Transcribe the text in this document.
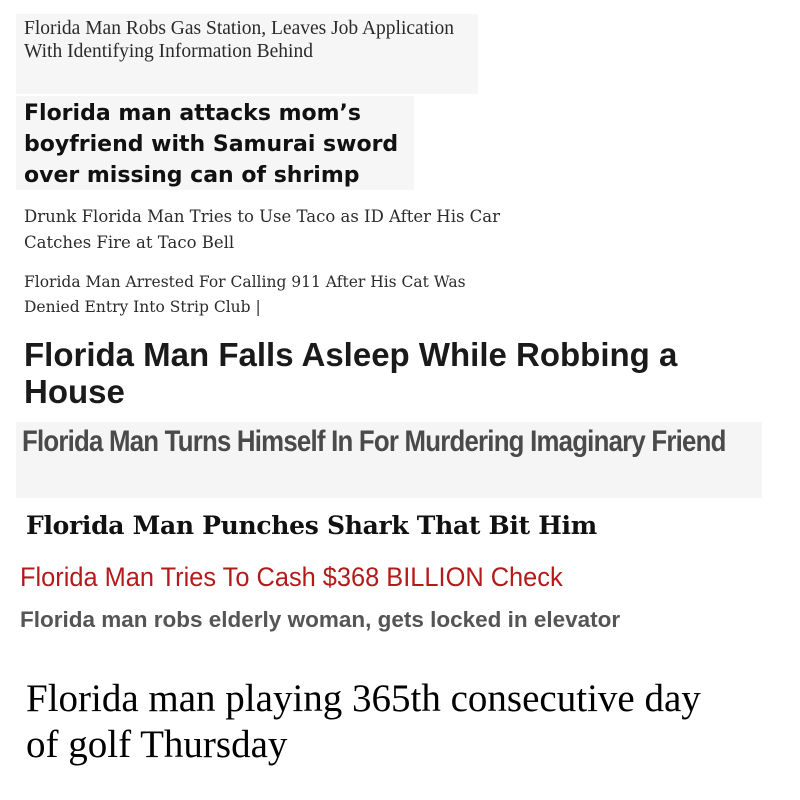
Florida Man Robs Gas Station, Leaves Job Application With Identifying Information Behind
Florida man attacks mom’s boyfriend with Samurai sword over missing can of shrimp
Drunk Florida Man Tries to Use Taco as ID After His Car Catches Fire at Taco Bell
Florida Man Arrested For Calling 911 After His Cat Was Denied Entry Into Strip Club |
Florida Man Falls Asleep While Robbing a House
Florida Man Turns Himself In For Murdering Imaginary Friend
Florida Man Punches Shark That Bit Him
Florida Man Tries To Cash $368 BILLION Check
Florida man robs elderly woman, gets locked in elevator
Florida man playing 365th consecutive day of golf Thursday
